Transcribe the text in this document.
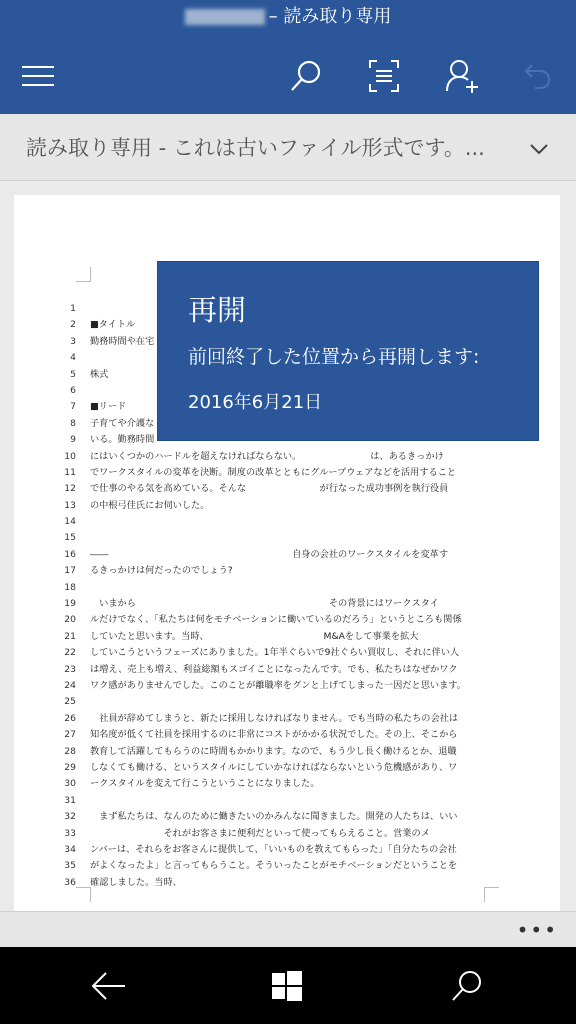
– 読み取り専用
読み取り専用 - これは古いファイル形式です。...
1
2 ■タイトル
3 勤務時間や在宅
4
5 株式
6
7 ■リード
8 子育てや介護な
9 いる。勤務時間
10 にはいくつかのハードルを超えなければならない。　　　　　　　　は、あるきっかけ
11 でワークスタイルの変革を決断。制度の改革とともにグループウェアなどを活用すること
12 で仕事のやる気を高めている。そんな　　　　　　　　が行なった成功事例を執行役員
13 の中根弓佳氏にお伺いした。
14
15
16 ――　　　　　　　　　　　　　　　　　　　　自身の会社のワークスタイルを変革す
17 るきっかけは何だったのでしょう?
18
19 　いまから　　　　　　　　　　　　　　　　　　　　　その背景にはワークスタイ
20 ルだけでなく、「私たちは何をモチベーションに働いているのだろう」というところも関係
21 していたと思います。当時、　　　　　　　　　　　　　M&Aをして事業を拡大
22 していこうというフェーズにありました。1年半ぐらいで9社ぐらい買収し、それに伴い人
23 は増え、売上も増え、利益総額もスゴイことになったんです。でも、私たちはなぜかワク
24 ワク感がありませんでした。このことが離職率をグンと上げてしまった一因だと思います。
25
26 　社員が辞めてしまうと、新たに採用しなければなりません。でも当時の私たちの会社は
27 知名度が低くて社員を採用するのに非常にコストがかかる状況でした。その上、そこから
28 教育して活躍してもらうのに時間もかかります。なので、もう少し長く働けるとか、退職
29 しなくても働ける、というスタイルにしていかなければならないという危機感があり、ワ
30 ークスタイルを変えて行こうということになりました。
31
32 　まず私たちは、なんのために働きたいのかみんなに聞きました。開発の人たちは、いい
33 　　　　　　　　それがお客さまに便利だといって使ってもらえること。営業のメ
34 ンバーは、それらをお客さんに提供して、「いいものを教えてもらった」「自分たちの会社
35 がよくなったよ」と言ってもらうこと。そういったことがモチベーションだということを
36 確認しました。当時、
再開
前回終了した位置から再開します:
2016年6月21日
•••
